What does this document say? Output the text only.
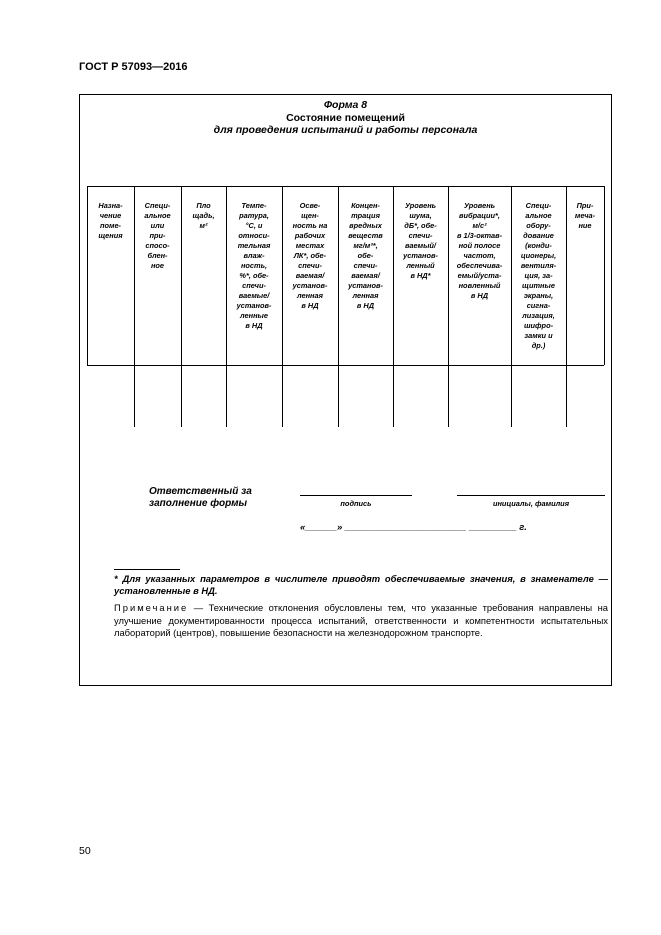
ГОСТ Р 57093—2016
Форма 8
Состояние помещений
для проведения испытаний и работы персонала
Назна-
чение
поме-
щения
Специ-
альное
или
при-
спосо-
блен-
ное
Пло
щадь,
м²
Темпе-
ратура,
°С, и
относи-
тельная
влаж-
ность,
%*, обе-
спечи-
ваемые/
установ-
ленные
в НД
Осве-
щен-
ность на
рабочих
местах
ЛК*, обе-
спечи-
ваемая/
установ-
ленная
в НД
Концен-
трация
вредных
веществ
мг/м³*,
обе-
спечи-
ваемая/
установ-
ленная
в НД
Уровень
шума,
дБ*, обе-
спечи-
ваемый/
установ-
ленный
в НД*
Уровень
вибрации*,
м/с²
в 1/3-октав-
ной полосе
частот,
обеспечива-
емый/уста-
новленный
в НД
Специ-
альное
обору-
дование
(конди-
ционеры,
вентиля-
ция, за-
щитные
экраны,
сигна-
лизация,
шифро-
замки и
др.)
При-
меча-
ние
Ответственный за
заполнение формы	подпись	инициалы, фамилия
«______» _______________________ _________ г.
* Для указанных параметров в числителе приводят обеспечиваемые значения, в знаменателе — установленные в НД.
Примечание — Технические отклонения обусловлены тем, что указанные требования направлены на улучшение документированности процесса испытаний, ответственности и компетентности испытательных лабораторий (центров), повышение безопасности на железнодорожном транспорте.
50
